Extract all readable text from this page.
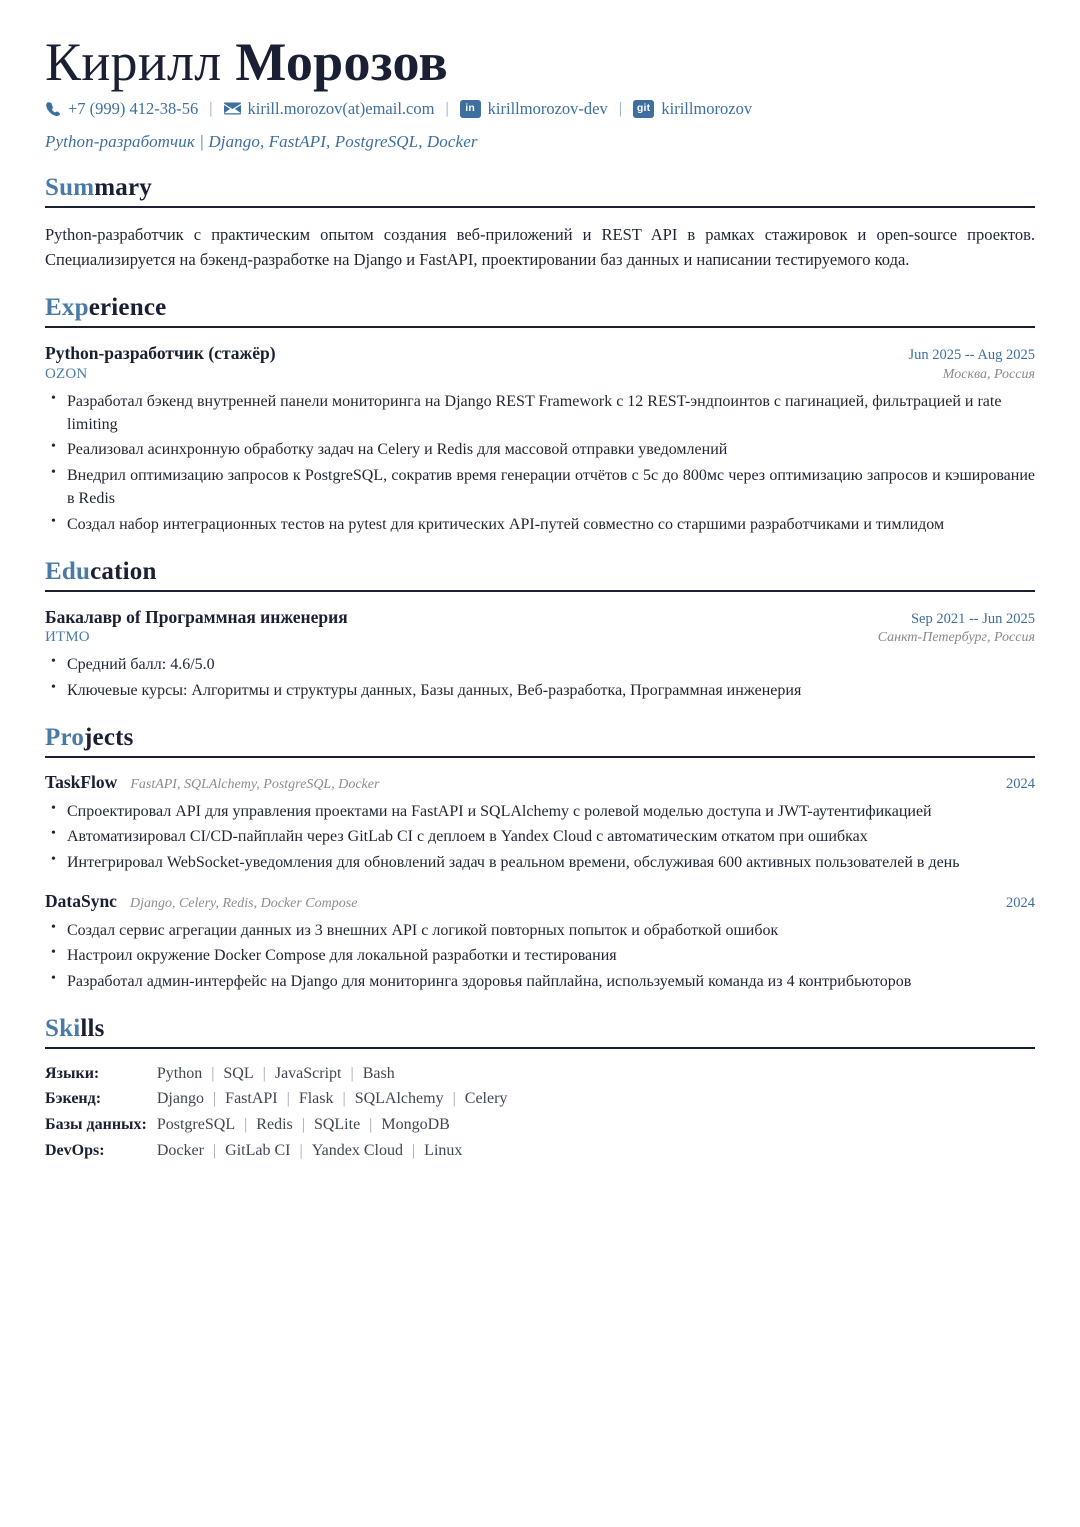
Кирилл Морозов
+7 (999) 412-38-56 |	kirill.morozov(at)email.com |	in kirillmorozov-dev |	git kirillmorozov
Python-разработчик | Django, FastAPI, PostgreSQL, Docker
Summary

Python-разработчик с практическим опытом создания веб-приложений и REST API в рамках стажировок и open-source проектов. Специализируется на бэкенд-разработке на Django и FastAPI, проектировании баз данных и написании тестируемого кода.

Experience
Python-разработчик (стажёр)	Jun 2025 -- Aug 2025
OZON	Москва, Россия
• Разработал бэкенд внутренней панели мониторинга на Django REST Framework с 12 REST-эндпоинтов с пагинацией, фильтрацией и rate limiting
• Реализовал асинхронную обработку задач на Celery и Redis для массовой отправки уведомлений
• Внедрил оптимизацию запросов к PostgreSQL, сократив время генерации отчётов с 5с до 800мс через оптимизацию запросов и кэширование в Redis
• Создал набор интеграционных тестов на pytest для критических API-путей совместно со старшими разработчиками и тимлидом
Education
Бакалавр of Программная инженерия	Sep 2021 -- Jun 2025
ИТМО	Санкт-Петербург, Россия
• Средний балл: 4.6/5.0
• Ключевые курсы: Алгоритмы и структуры данных, Базы данных, Веб-разработка, Программная инженерия
Projects
TaskFlow FastAPI, SQLAlchemy, PostgreSQL, Docker	2024
• Спроектировал API для управления проектами на FastAPI и SQLAlchemy с ролевой моделью доступа и JWT-аутентификацией
• Автоматизировал CI/CD-пайплайн через GitLab CI с деплоем в Yandex Cloud с автоматическим откатом при ошибках
• Интегрировал WebSocket-уведомления для обновлений задач в реальном времени, обслуживая 600 активных пользователей в день
DataSync Django, Celery, Redis, Docker Compose	2024
• Создал сервис агрегации данных из 3 внешних API с логикой повторных попыток и обработкой ошибок
• Настроил окружение Docker Compose для локальной разработки и тестирования
• Разработал админ-интерфейс на Django для мониторинга здоровья пайплайна, используемый команда из 4 контрибьюторов
Skills
Языки:	Python | SQL | JavaScript | Bash
Бэкенд:	Django | FastAPI | Flask | SQLAlchemy | Celery
Базы данных:	PostgreSQL | Redis | SQLite | MongoDB
DevOps:	Docker | GitLab CI | Yandex Cloud | Linux
